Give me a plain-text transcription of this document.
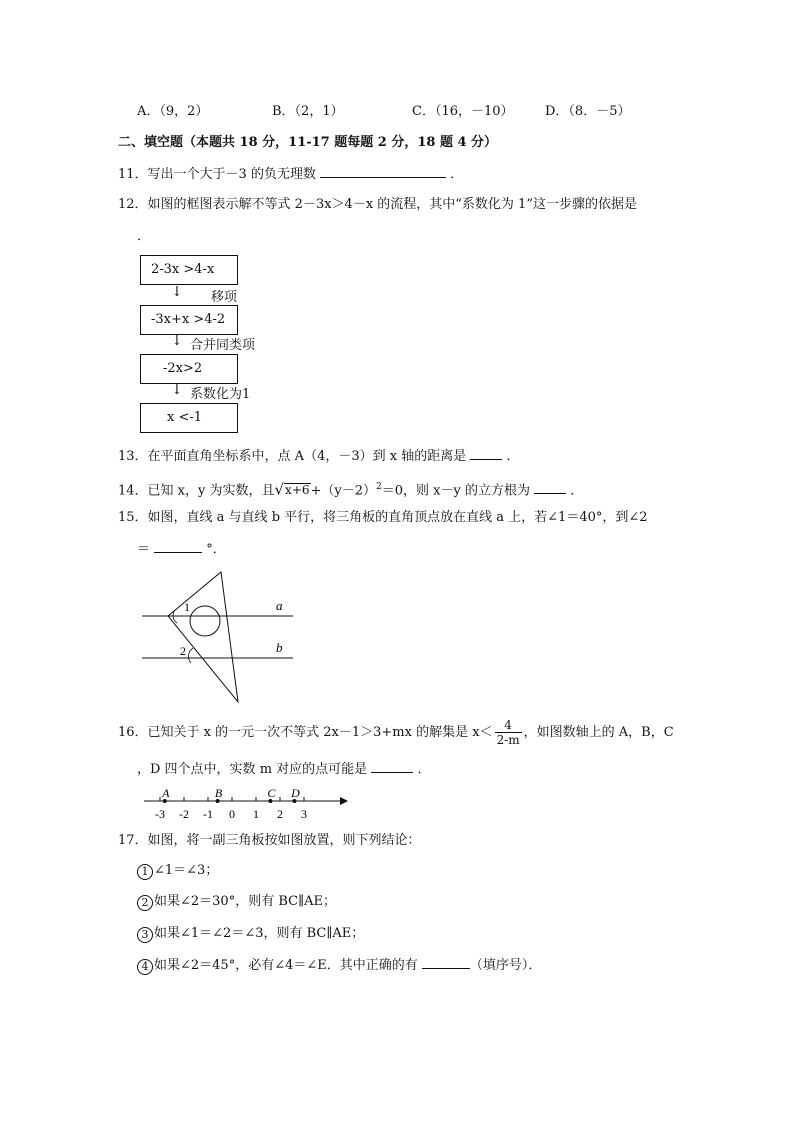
A．（9，2）	B．（2，1）	C．（16，－10） D．（8．－5）
二、填空题（本题共 18 分，11-17 题每题 2 分，18 题 4 分）
11．写出一个大于－3 的负无理数	．
12．如图的框图表示解不等式 2－3x＞4－x 的流程，其中“系数化为 1”这一步骤的依据是
．
2-3x >4-x
↓ 移项
-3x+x >4-2
↓ 合并同类项
-2x>2
↓ 系数化为1
x <-1
13．在平面直角坐标系中，点 A（4，－3）到 x 轴的距离是	．
14．已知 x，y 为实数，且$√x+6+(y-2)^2=0$，则 x－y 的立方根为	．
15．如图，直线 a 与直线 b 平行，将三角板的直角顶点放在直线 a 上，若∠1＝40°，到∠2
＝	°．
1
2
a
b
16．已知关于 x 的一元一次不等式 2x－1＞3+mx 的解集是 $x< \frac{4}{2-m}$ ，如图数轴上的 A，B，C
，D 四个点中，实数 m 对应的点可能是	．
-3 -2 -1 0 1 2 3
A	B	C D
17．如图，将一副三角板按如图放置，则下列结论：
1 ∠1＝∠3；
2 如果∠2＝30°，则有 BC∥AE；
3 如果∠1＝∠2＝∠3，则有 BC∥AE；
4 如果∠2＝45°，必有∠4＝∠E．其中正确的有	（填序号）．
